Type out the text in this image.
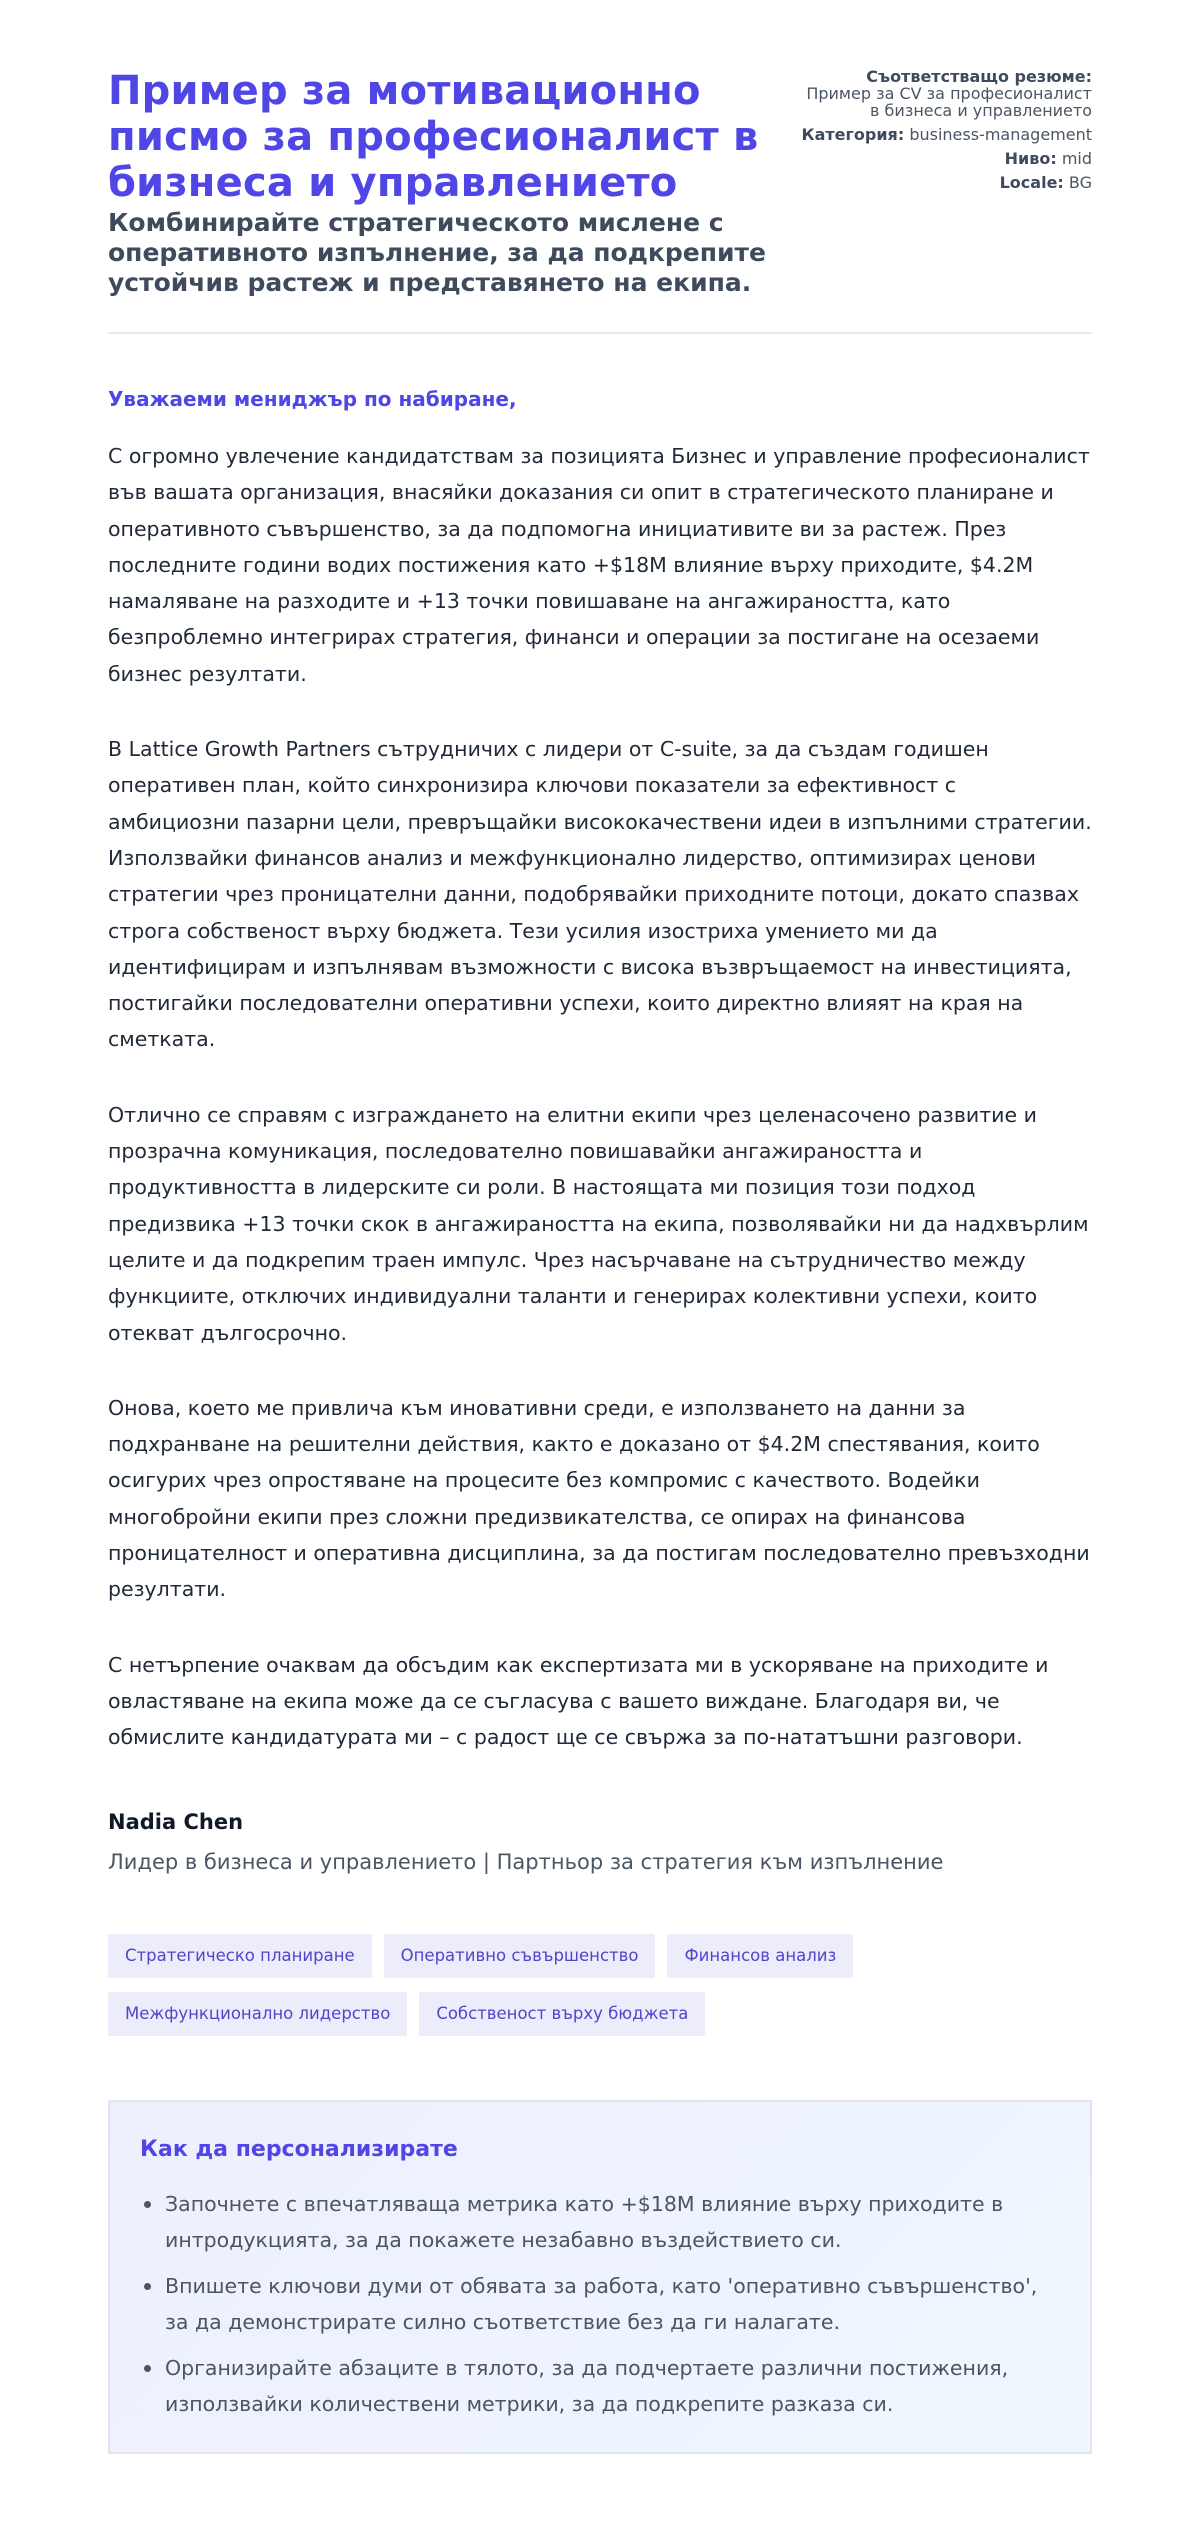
Пример за мотивационно писмо за професионалист в бизнеса и управлението
Комбинирайте стратегическото мислене с оперативното изпълнение, за да подкрепите устойчив растеж и представянето на екипа.
Съответстващо резюме: Пример за CV за професионалист в бизнеса и управлението
Категория: business-management
Ниво: mid
Locale: BG

Уважаеми мениджър по набиране,

С огромно увлечение кандидатствам за позицията Бизнес и управление професионалист във вашата организация, внасяйки доказания си опит в стратегическото планиране и оперативното съвършенство, за да подпомогна инициативите ви за растеж. През последните години водих постижения като +$18M влияние върху приходите, $4.2M намаляване на разходите и +13 точки повишаване на ангажираността, като безпроблемно интегрирах стратегия, финанси и операции за постигане на осезаеми бизнес резултати.

В Lattice Growth Partners сътрудничих с лидери от C-suite, за да създам годишен оперативен план, който синхронизира ключови показатели за ефективност с амбициозни пазарни цели, превръщайки висококачествени идеи в изпълними стратегии. Използвайки финансов анализ и межфункционално лидерство, оптимизирах ценови стратегии чрез проницателни данни, подобрявайки приходните потоци, докато спазвах строга собственост върху бюджета. Тези усилия изостриха умението ми да идентифицирам и изпълнявам възможности с висока възвръщаемост на инвестицията, постигайки последователни оперативни успехи, които директно влияят на края на сметката.

Отлично се справям с изграждането на елитни екипи чрез целенасочено развитие и прозрачна комуникация, последователно повишавайки ангажираността и продуктивността в лидерските си роли. В настоящата ми позиция този подход предизвика +13 точки скок в ангажираността на екипа, позволявайки ни да надхвърлим целите и да подкрепим траен импулс. Чрез насърчаване на сътрудничество между функциите, отключих индивидуални таланти и генерирах колективни успехи, които отекват дългосрочно.

Онова, което ме привлича към иновативни среди, е използването на данни за подхранване на решителни действия, както е доказано от $4.2M спестявания, които осигурих чрез опростяване на процесите без компромис с качеството. Водейки многобройни екипи през сложни предизвикателства, се опирах на финансова проницателност и оперативна дисциплина, за да постигам последователно превъзходни резултати.

С нетърпение очаквам да обсъдим как експертизата ми в ускоряване на приходите и овластяване на екипа може да се съгласува с вашето виждане. Благодаря ви, че обмислите кандидатурата ми – с радост ще се свържа за по-нататъшни разговори.

Nadia Chen
Лидер в бизнеса и управлението | Партньор за стратегия към изпълнение
Стратегическо планиране	Оперативно съвършенство	Финансов анализ
Межфункционално лидерство	Собственост върху бюджета
Как да персонализирате
Започнете с впечатляваща метрика като +$18M влияние върху приходите в интродукцията, за да покажете незабавно въздействието си.
Впишете ключови думи от обявата за работа, като 'оперативно съвършенство', за да демонстрирате силно съответствие без да ги налагате.
Организирайте абзаците в тялото, за да подчертаете различни постижения, използвайки количествени метрики, за да подкрепите разказа си.
